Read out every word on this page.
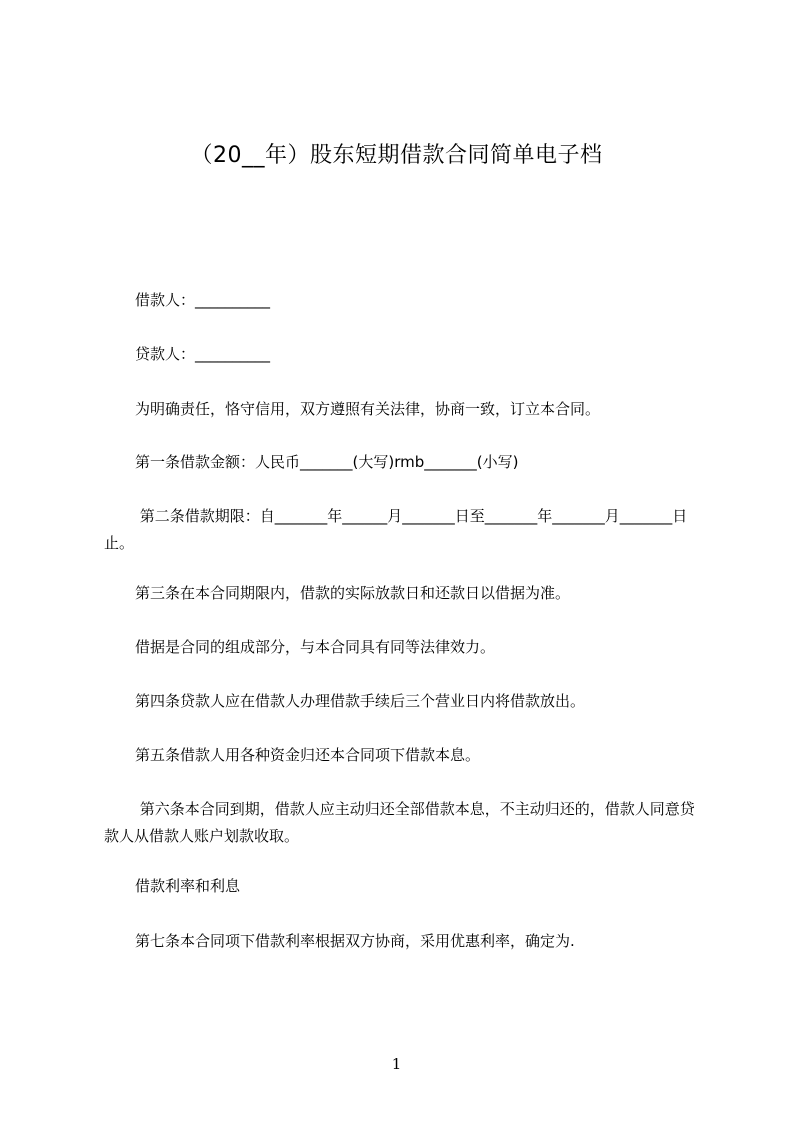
（20__年）股东短期借款合同简单电子档
借款人：__________
贷款人：__________
为明确责任，恪守信用，双方遵照有关法律，协商一致，订立本合同。
第一条借款金额：人民币_______(大写)rmb_______(小写)
第二条借款期限：自_______年______月_______日至_______年_______月_______日止。
第三条在本合同期限内，借款的实际放款日和还款日以借据为准。
借据是合同的组成部分，与本合同具有同等法律效力。
第四条贷款人应在借款人办理借款手续后三个营业日内将借款放出。
第五条借款人用各种资金归还本合同项下借款本息。
第六条本合同到期，借款人应主动归还全部借款本息，不主动归还的，借款人同意贷款人从借款人账户划款收取。
借款利率和利息
第七条本合同项下借款利率根据双方协商，采用优惠利率，确定为.
1
